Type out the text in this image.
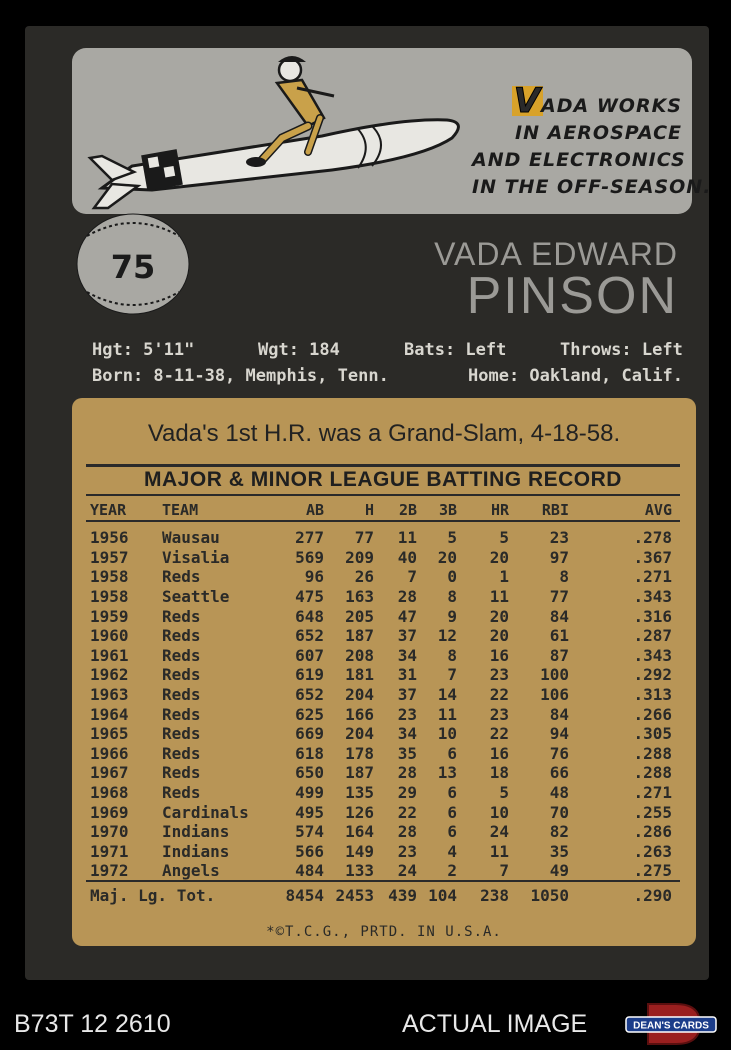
VADA WORKS
IN AEROSPACE
AND ELECTRONICS
IN THE OFF-SEASON.
75	VADA EDWARD
PINSON
Hgt: 5'11"	Wgt: 184	Bats: Left	Throws: Left
Born: 8-11-38, Memphis, Tenn.	Home: Oakland, Calif.
Vada's 1st H.R. was a Grand-Slam, 4-18-58.
MAJOR & MINOR LEAGUE BATTING RECORD
YEAR	TEAM	AB	H	2B	3B	HR	RBI	AVG
1956	Wausau	277	77	11	5	5	23	.278
1957	Visalia	569	209	40	20	20	97	.367
1958	Reds	96	26	7	0	1	8	.271
1958	Seattle	475	163	28	8	11	77	.343
1959	Reds	648	205	47	9	20	84	.316
1960	Reds	652	187	37	12	20	61	.287
1961	Reds	607	208	34	8	16	87	.343
1962	Reds	619	181	31	7	23	100	.292
1963	Reds	652	204	37	14	22	106	.313
1964	Reds	625	166	23	11	23	84	.266
1965	Reds	669	204	34	10	22	94	.305
1966	Reds	618	178	35	6	16	76	.288
1967	Reds	650	187	28	13	18	66	.288
1968	Reds	499	135	29	6	5	48	.271
1969	Cardinals	495	126	22	6	10	70	.255
1970	Indians	574	164	28	6	24	82	.286
1971	Indians	566	149	23	4	11	35	.263
1972	Angels	484	133	24	2	7	49	.275
Maj. Lg. Tot.	8454	2453	439	104	238	1050	.290
*©T.C.G., PRTD. IN U.S.A.
B73T 12 2610	ACTUAL IMAGE	DEAN'S CARDS
